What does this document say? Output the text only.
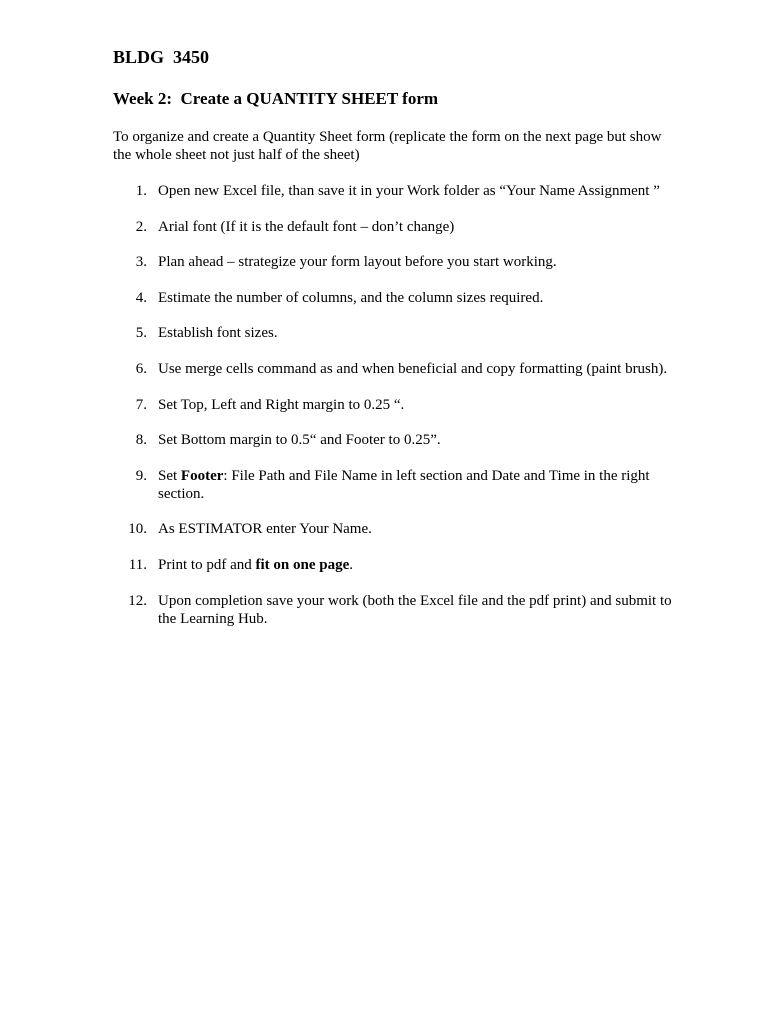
BLDG  3450
Week 2:  Create a QUANTITY SHEET form

To organize and create a Quantity Sheet form (replicate the form on the next page but show the whole sheet not just half of the sheet)

1. Open new Excel file, than save it in your Work folder as “Your Name Assignment ”
2. Arial font (If it is the default font – don’t change)
3. Plan ahead – strategize your form layout before you start working.
4. Estimate the number of columns, and the column sizes required.
5. Establish font sizes.
6. Use merge cells command as and when beneficial and copy formatting (paint brush).
7. Set Top, Left and Right margin to 0.25 “.
8. Set Bottom margin to 0.5“ and Footer to 0.25”.
9. Set Footer: File Path and File Name in left section and Date and Time in the right section.
10. As ESTIMATOR enter Your Name.
11. Print to pdf and fit on one page.
12. Upon completion save your work (both the Excel file and the pdf print) and submit to the Learning Hub.
